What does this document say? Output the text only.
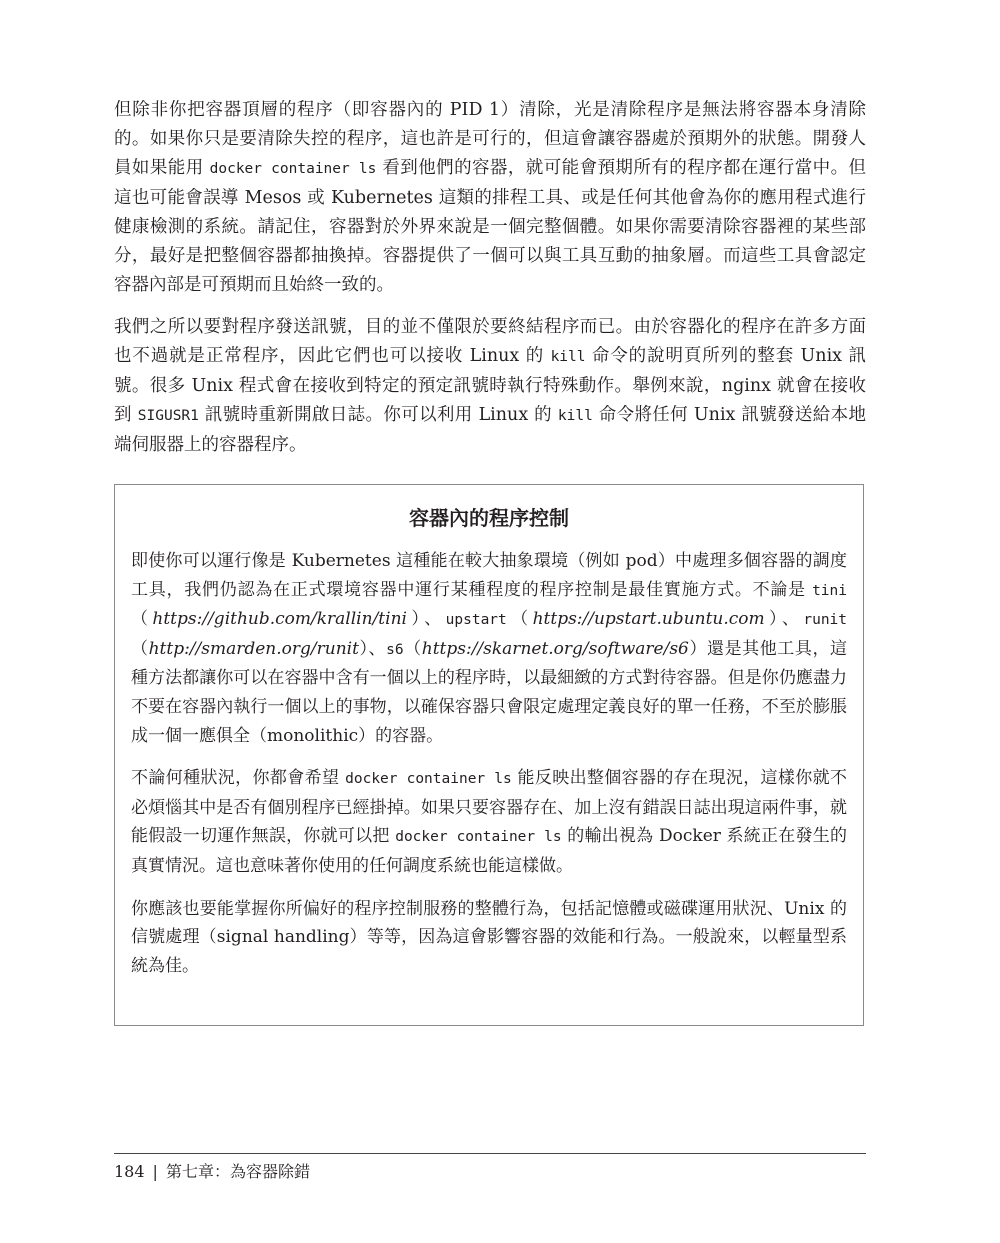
但除非你把容器頂層的程序（即容器內的 PID 1）清除，光是清除程序是無法將容器本身清除的。如果你只是要清除失控的程序，這也許是可行的，但這會讓容器處於預期外的狀態。開發人員如果能用 docker container ls 看到他們的容器，就可能會預期所有的程序都在運行當中。但這也可能會誤導 Mesos 或 Kubernetes 這類的排程工具、或是任何其他會為你的應用程式進行健康檢測的系統。請記住，容器對於外界來說是一個完整個體。如果你需要清除容器裡的某些部分，最好是把整個容器都抽換掉。容器提供了一個可以與工具互動的抽象層。而這些工具會認定容器內部是可預期而且始終一致的。

我們之所以要對程序發送訊號，目的並不僅限於要終結程序而已。由於容器化的程序在許多方面也不過就是正常程序，因此它們也可以接收 Linux 的 kill 命令的說明頁所列的整套 Unix 訊號。很多 Unix 程式會在接收到特定的預定訊號時執行特殊動作。舉例來說，nginx 就會在接收到 SIGUSR1 訊號時重新開啟日誌。你可以利用 Linux 的 kill 命令將任何 Unix 訊號發送給本地端伺服器上的容器程序。

容器內的程序控制

即使你可以運行像是 Kubernetes 這種能在較大抽象環境（例如 pod）中處理多個容器的調度工具，我們仍認為在正式環境容器中運行某種程度的程序控制是最佳實施方式。不論是 tini（https://github.com/krallin/tini）、upstart（https://upstart.ubuntu.com）、runit（http://smarden.org/runit）、s6（https://skarnet.org/software/s6）還是其他工具，這種方法都讓你可以在容器中含有一個以上的程序時，以最細緻的方式對待容器。但是你仍應盡力不要在容器內執行一個以上的事物，以確保容器只會限定處理定義良好的單一任務，不至於膨脹成一個一應俱全（monolithic）的容器。

不論何種狀況，你都會希望 docker container ls 能反映出整個容器的存在現況，這樣你就不必煩惱其中是否有個別程序已經掛掉。如果只要容器存在、加上沒有錯誤日誌出現這兩件事，就能假設一切運作無誤，你就可以把 docker container ls 的輸出視為 Docker 系統正在發生的真實情況。這也意味著你使用的任何調度系統也能這樣做。

你應該也要能掌握你所偏好的程序控制服務的整體行為，包括記憶體或磁碟運用狀況、Unix 的信號處理（signal handling）等等，因為這會影響容器的效能和行為。一般說來，以輕量型系統為佳。

184 | 第七章：為容器除錯
